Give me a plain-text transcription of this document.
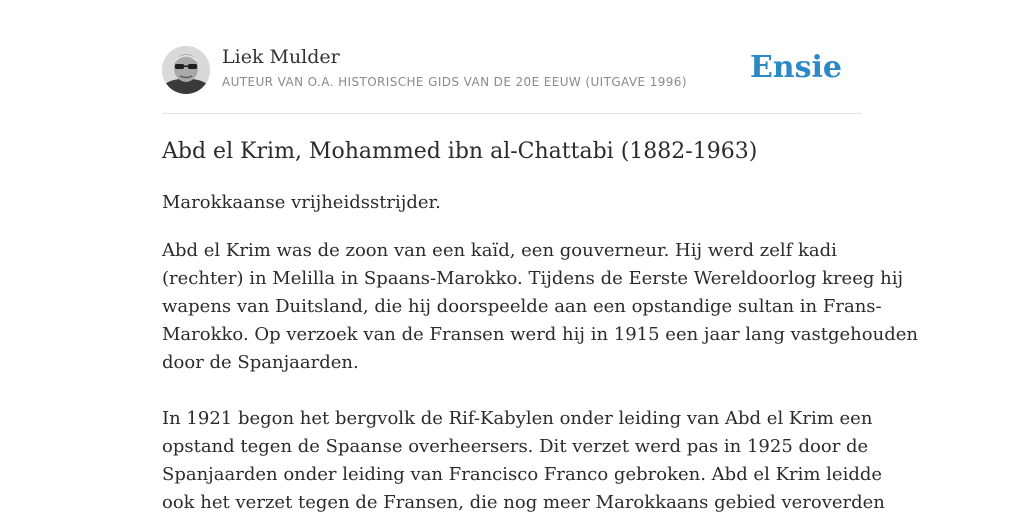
Liek Mulder
AUTEUR VAN O.A. HISTORISCHE GIDS VAN DE 20E EEUW (UITGAVE 1996) Ensie
Abd el Krim, Mohammed ibn al-Chattabi (1882-1963)

Marokkaanse vrijheidsstrijder.

Abd el Krim was de zoon van een kaïd, een gouverneur. Hij werd zelf kadi
(rechter) in Melilla in Spaans-Marokko. Tijdens de Eerste Wereldoorlog kreeg hij
wapens van Duitsland, die hij doorspeelde aan een opstandige sultan in Frans-
Marokko. Op verzoek van de Fransen werd hij in 1915 een jaar lang vastgehouden
door de Spanjaarden.

In 1921 begon het bergvolk de Rif-Kabylen onder leiding van Abd el Krim een
opstand tegen de Spaanse overheersers. Dit verzet werd pas in 1925 door de
Spanjaarden onder leiding van Francisco Franco gebroken. Abd el Krim leidde
ook het verzet tegen de Fransen, die nog meer Marokkaans gebied veroverden
